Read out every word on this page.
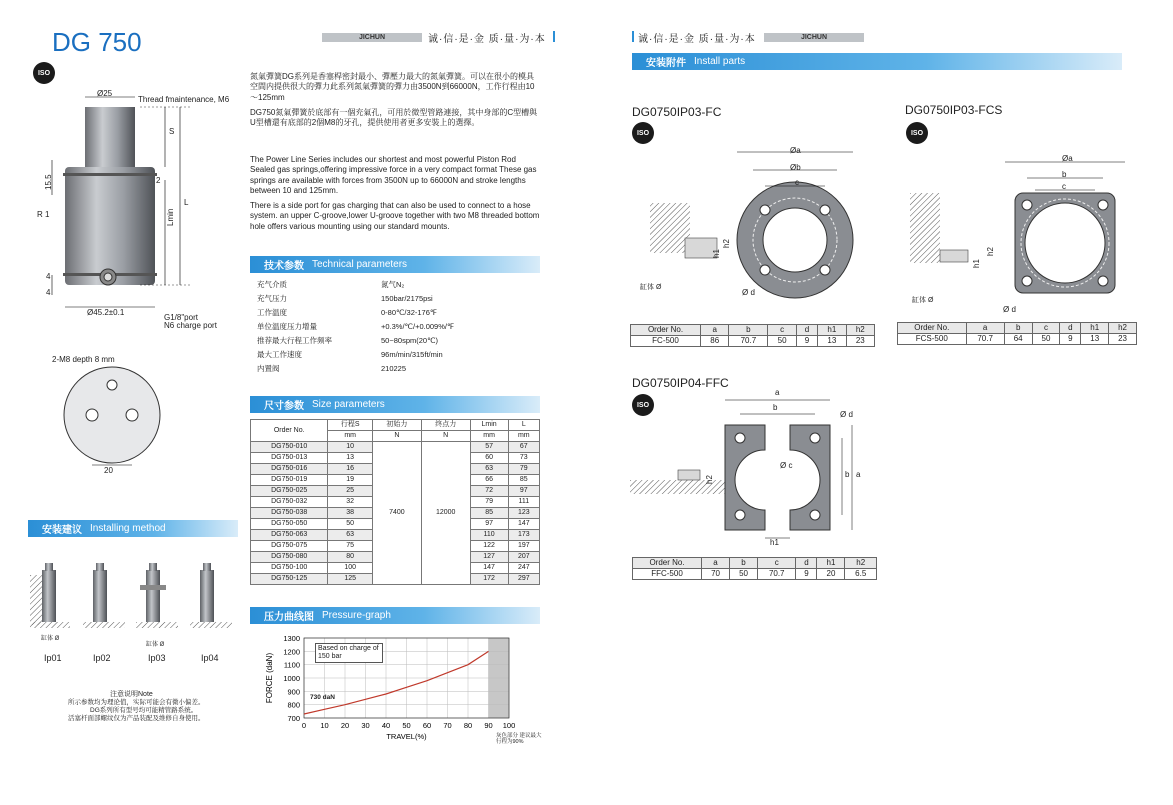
DG 750
ISO
JICHUN	诚·信·是·金 质·量·为·本
Ø25
Thread fmaintenance, M6
S
L
Lmin
2
15.5
R 1
4
4
Ø45.2±0.1
G1/8"port
N6 charge port
2-M8 depth 8 mm
20
氮氣彈簧DG系列是香塞桿密封最小、彈壓力最大的氮氣彈簧。可以在很小的模具空間内提供很大的彈力此系列氮氣彈簧的彈力由3500N到66000N，工作行程由10～125mm
DG750氮氣彈簧於底部有一個充氣孔，可用於微型管路連接，其中身部的C型槽與U型槽還有底部的2個M8的牙孔，提供使用者更多安裝上的選擇。
The Power Line Series includes our shortest and most powerful Piston Rod Sealed gas springs,offering impressive force in a very compact format These gas springs are available with forces from 3500N up to 66000N and stroke lengths between 10 and 125mm.
There is a side port for gas charging that can also be used to connect to a hose system. an upper C-groove,lower U-groove together with two M8 threaded bottom hole offers various mounting using our standard mounts.
技术参数 Technical parameters
充气介质	氮气N₂
充气压力	150bar/2175psi
工作温度	0-80℃/32-176℉
单位温度压力增量	+0.3%/℃/+0.009%/℉
推荐最大行程工作频率	50~80spm(20℃)
最大工作速度	96m/min/315ft/min
内置阀	210225
尺寸参数 Size parameters
Order No.	行程S	初始力	终点力	Lmin	L
	mm	N	N	mm	mm
DG750-010	10	7400	12000	57	67
DG750-013	13			60	73
DG750-016	16			63	79
DG750-019	19			66	85
DG750-025	25			72	97
DG750-032	32			79	111
DG750-038	38			85	123
DG750-050	50			97	147
DG750-063	63			110	173
DG750-075	75			122	197
DG750-080	80			127	207
DG750-100	100			147	247
DG750-125	125			172	297
压力曲线图 Pressure-graph
700
800
900
1000
1100
1200
1300
0 10 20 30 40 50 60 70 80 90 100
TRAVEL(%)
FORCE (daN)
Based on charge of 150 bar
730 daN
灰色部分 建议最大行程为90%
安装建议 Installing method
缸体 Ø
缸体 Ø
Ip01	Ip02	Ip03	Ip04
注意说明Note
所示参数均为理论值，实际可能会有微小偏差。
DG系列所有型号均可能精管路系统。
活塞杆面部螺纹仅为产品装配及维修自身使用。
诚·信·是·金 质·量·为·本	JICHUN
安装附件 Install parts
DG0750IP03-FC
ISO
Øa
Øb
c
Ø d
h1
h2
缸体 Ø
Order No.	a	b	c	d	h1	h2
FC-500	86	70.7	50	9	13	23
DG0750IP03-FCS
ISO
Øa
b
c
Ø d
h1
h2
缸体 Ø
Order No.	a	b	c	d	h1	h2
FCS-500	70.7	64	50	9	13	23
DG0750IP04-FFC
ISO
a
b
Ø d
Ø c
a
b
h1
h2
Order No.	a	b	c	d	h1	h2
FFC-500	70	50	70.7	9	20	6.5
